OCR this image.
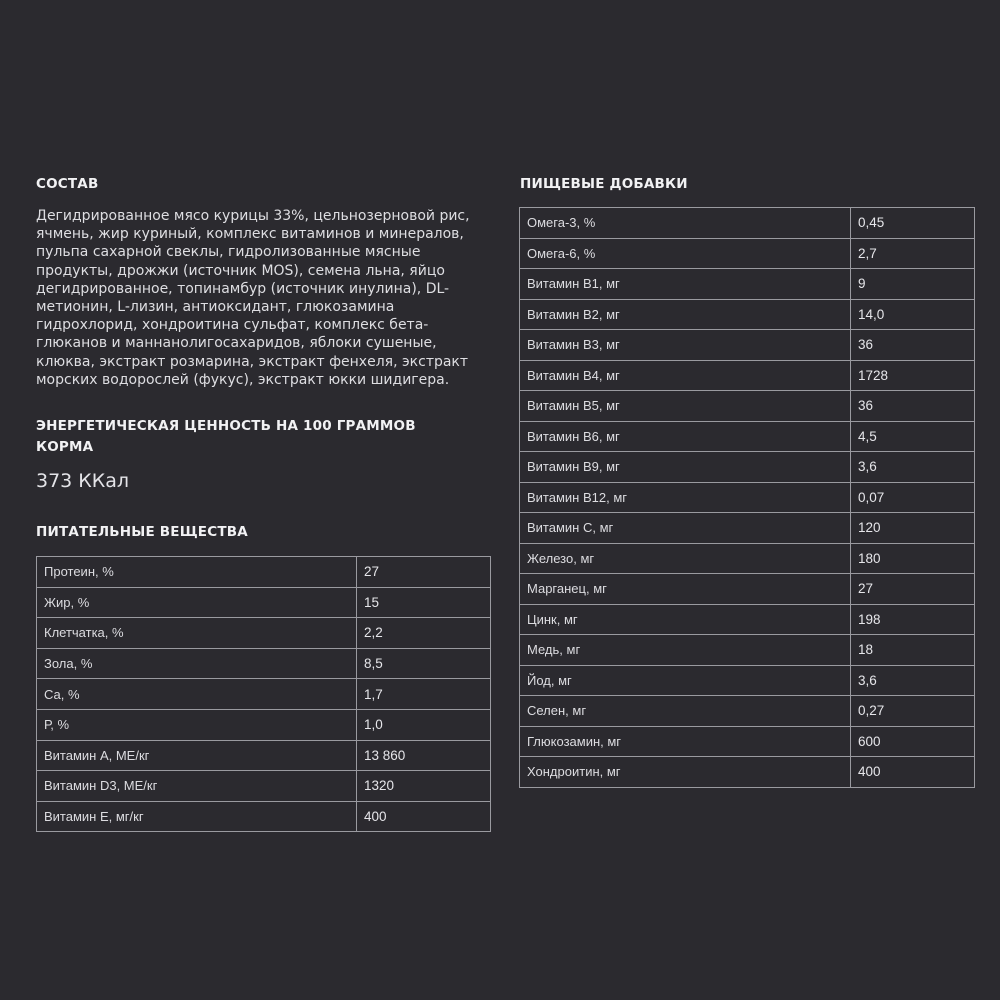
СОСТАВ

Дегидрированное мясо курицы 33%, цельнозерновой рис, ячмень, жир куриный, комплекс витаминов и минералов, пульпа сахарной свеклы, гидролизованные мясные продукты, дрожжи (источник MOS), семена льна, яйцо дегидрированное, топинамбур (источник инулина), DL-метионин, L-лизин, антиоксидант, глюкозамина гидрохлорид, хондроитина сульфат, комплекс бета-глюканов и маннанолигосахаридов, яблоки сушеные, клюква, экстракт розмарина, экстракт фенхеля, экстракт морских водорослей (фукус), экстракт юкки шидигера.

ЭНЕРГЕТИЧЕСКАЯ ЦЕННОСТЬ НА 100 ГРАММОВ КОРМА

373 ККал

ПИТАТЕЛЬНЫЕ ВЕЩЕСТВА
Протеин, %	27
Жир, %	15
Клетчатка, %	2,2
Зола, %	8,5
Са, %	1,7
Р, %	1,0
Витамин А, МЕ/кг	13 860
Витамин D3, МЕ/кг	1320
Витамин Е, мг/кг	400
ПИЩЕВЫЕ ДОБАВКИ
Омега-3, %	0,45
Омега-6, %	2,7
Витамин В1, мг	9
Витамин В2, мг	14,0
Витамин В3, мг	36
Витамин В4, мг	1728
Витамин В5, мг	36
Витамин В6, мг	4,5
Витамин В9, мг	3,6
Витамин В12, мг	0,07
Витамин С, мг	120
Железо, мг	180
Марганец, мг	27
Цинк, мг	198
Медь, мг	18
Йод, мг	3,6
Селен, мг	0,27
Глюкозамин, мг	600
Хондроитин, мг	400
